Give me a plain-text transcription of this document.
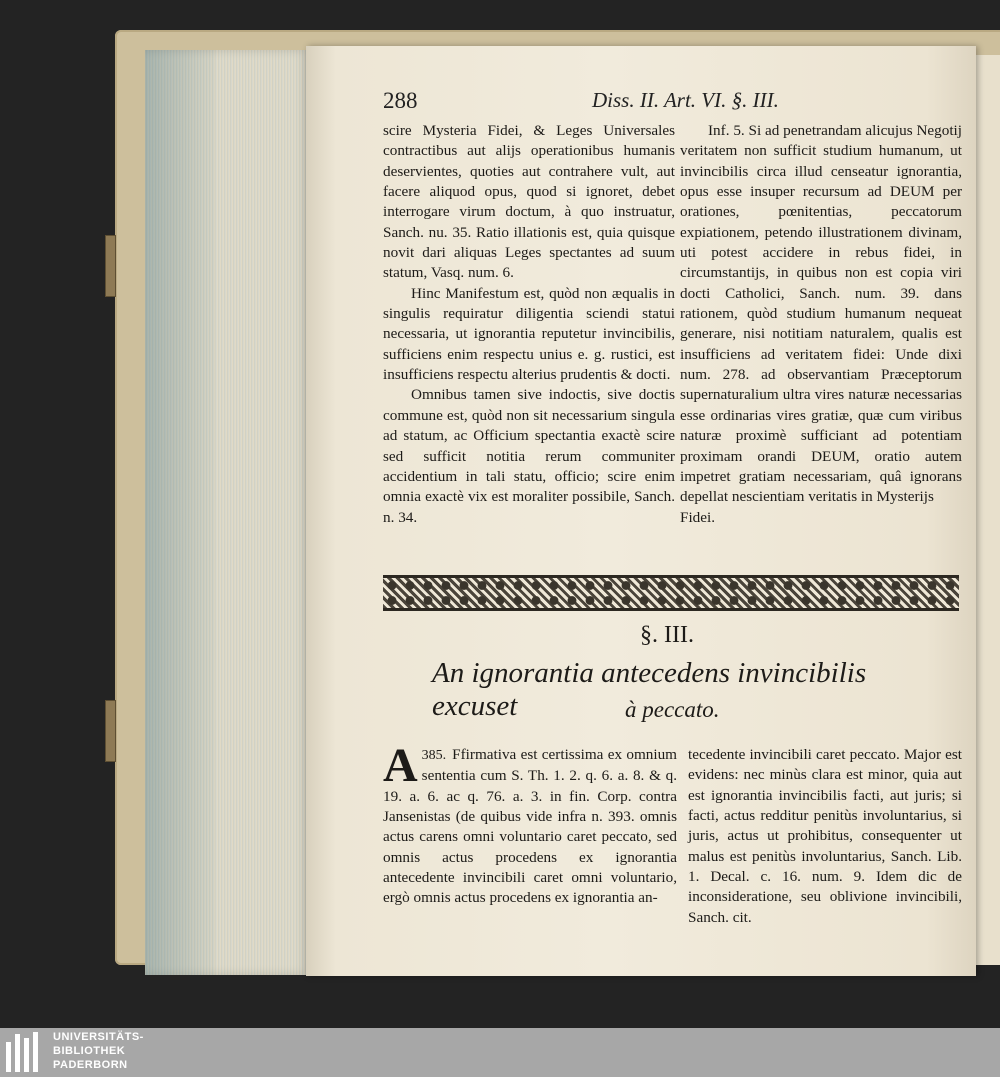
288	Diss. II. Art. VI. §. III.

scire Mysteria Fidei, & Leges Universales contractibus aut alijs operationibus humanis deservientes, quoties aut contrahere vult, aut facere aliquod opus, quod si ignoret, debet interrogare virum doctum, à quo instruatur, Sanch. nu. 35. Ratio illationis est, quia quisque novit dari aliquas Leges spectantes ad suum statum, Vasq. num. 6.

Hinc Manifestum est, quòd non æqualis in singulis requiratur diligentia sciendi statui necessaria, ut ignorantia reputetur invincibilis, sufficiens enim respectu unius e. g. rustici, est insufficiens respectu alterius prudentis & docti.

Omnibus tamen sive indoctis, sive doctis commune est, quòd non sit necessarium singula ad statum, ac Officium spectantia exactè scire sed sufficit notitia rerum communiter accidentium in tali statu, officio; scire enim omnia exactè vix est moraliter possibile, Sanch. n. 34.

Inf. 5. Si ad penetrandam alicujus Negotij veritatem non sufficit studium humanum, ut invincibilis circa illud censeatur ignorantia, opus esse insuper recursum ad DEUM per orationes, pœnitentias, peccatorum expiationem, petendo illustrationem divinam, uti potest accidere in rebus fidei, in circumstantijs, in quibus non est copia viri docti Catholici, Sanch. num. 39. dans rationem, quòd studium humanum nequeat generare, nisi notitiam naturalem, qualis est insufficiens ad veritatem fidei: Unde dixi num. 278. ad observantiam Præceptorum supernaturalium ultra vires naturæ necessarias esse ordinarias vires gratiæ, quæ cum viribus naturæ proximè sufficiant ad potentiam proximam orandi DEUM, oratio autem impetret gratiam necessariam, quâ ignorans depellat nescientiam veritatis in Mysterijs

Fidei.

§. III.
An ignorantia antecedens invincibilis excuset	à peccato.

385.
A Ffirmativa est certissima ex omnium sententia cum S. Th. 1. 2. q. 6. a. 8. & q. 19. a. 6. ac q. 76. a. 3. in fin. Corp. contra Jansenistas (de quibus vide infra n. 393. omnis actus carens omni voluntario caret peccato, sed omnis actus procedens ex ignorantia antecedente invincibili caret omni voluntario, ergò omnis actus procedens ex ignorantia an-

tecedente invincibili caret peccato. Major est evidens: nec minùs clara est minor, quia aut est ignorantia invincibilis facti, aut juris; si facti, actus redditur penitùs involuntarius, si juris, actus ut prohibitus, consequenter ut malus est penitùs involuntarius, Sanch. Lib. 1. Decal. c. 16. num. 9. Idem dic de inconsideratione, seu oblivione invincibili, Sanch. cit.

UNIVERSITÄTS-
BIBLIOTHEK
PADERBORN
